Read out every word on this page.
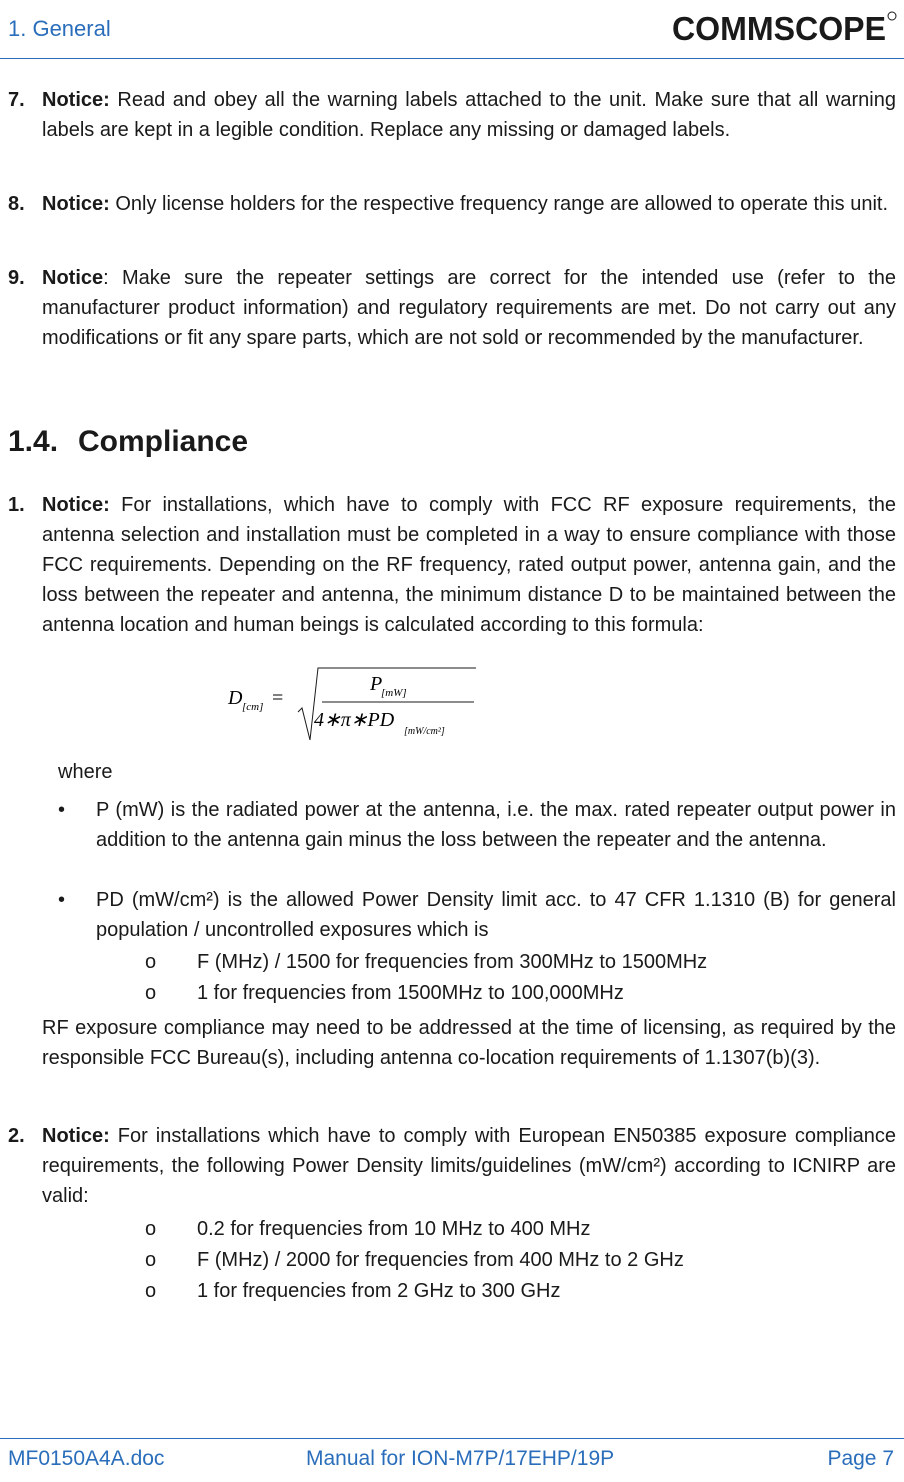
1. General	COMMSCOPE
7. Notice: Read and obey all the warning labels attached to the unit. Make sure that all warning labels are kept in a legible condition. Replace any missing or damaged labels.
8. Notice: Only license holders for the respective frequency range are allowed to operate this unit.
9. Notice: Make sure the repeater settings are correct for the intended use (refer to the manufacturer product information) and regulatory requirements are met. Do not carry out any modifications or fit any spare parts, which are not sold or recommended by the manufacturer.
1.4. Compliance
1. Notice: For installations, which have to comply with FCC RF exposure requirements, the antenna selection and installation must be completed in a way to ensure compliance with those FCC requirements. Depending on the RF frequency, rated output power, antenna gain, and the loss between the repeater and antenna, the minimum distance D to be maintained between the antenna location and human beings is calculated according to this formula:
D [cm] =
P
[mW]
4∗π∗PD
[mW/cm²]
where
• P (mW) is the radiated power at the antenna, i.e. the max. rated repeater output power in addition to the antenna gain minus the loss between the repeater and the antenna.
• PD (mW/cm²) is the allowed Power Density limit acc. to 47 CFR 1.1310 (B) for general population / uncontrolled exposures which is
o F (MHz) / 1500 for frequencies from 300MHz to 1500MHz
o 1 for frequencies from 1500MHz to 100,000MHz
RF exposure compliance may need to be addressed at the time of licensing, as required by the responsible FCC Bureau(s), including antenna co-location requirements of 1.1307(b)(3).
2. Notice: For installations which have to comply with European EN50385 exposure compliance requirements, the following Power Density limits/guidelines (mW/cm²) according to ICNIRP are valid:
o 0.2 for frequencies from 10 MHz to 400 MHz
o F (MHz) / 2000 for frequencies from 400 MHz to 2 GHz
o 1 for frequencies from 2 GHz to 300 GHz
MF0150A4A.doc	Manual for ION-M7P/17EHP/19P	Page 7
